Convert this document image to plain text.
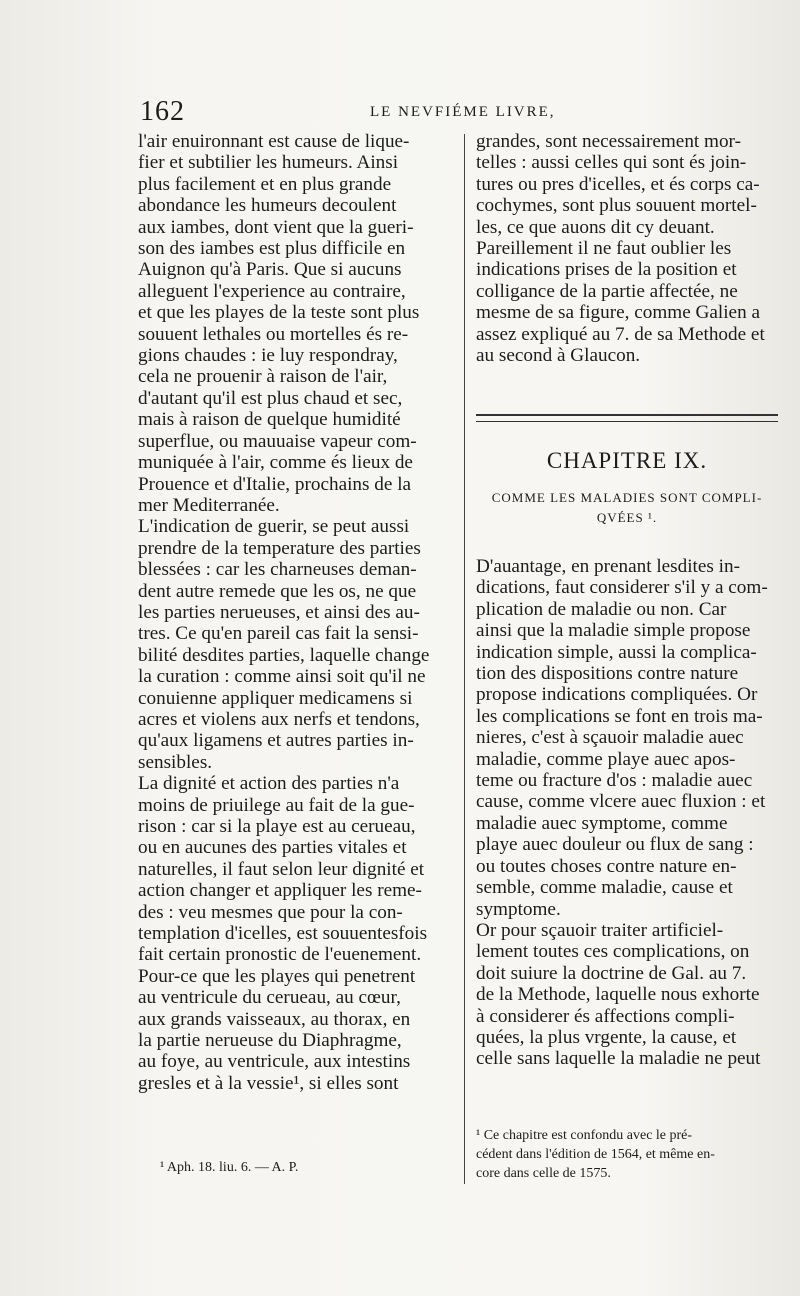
162	LE NEVFIÉME LIVRE,
l'air enuironnant est cause de lique-
fier et subtilier les humeurs. Ainsi
plus facilement et en plus grande
abondance les humeurs decoulent
aux iambes, dont vient que la gueri-
son des iambes est plus difficile en
Auignon qu'à Paris. Que si aucuns
alleguent l'experience au contraire,
et que les playes de la teste sont plus
souuent lethales ou mortelles és re-
gions chaudes : ie luy respondray,
cela ne prouenir à raison de l'air,
d'autant qu'il est plus chaud et sec,
mais à raison de quelque humidité
superflue, ou mauuaise vapeur com-
muniquée à l'air, comme és lieux de
Prouence et d'Italie, prochains de la
mer Mediterranée.
L'indication de guerir, se peut aussi
prendre de la temperature des parties
blessées : car les charneuses deman-
dent autre remede que les os, ne que
les parties nerueuses, et ainsi des au-
tres. Ce qu'en pareil cas fait la sensi-
bilité desdites parties, laquelle change
la curation : comme ainsi soit qu'il ne
conuienne appliquer medicamens si
acres et violens aux nerfs et tendons,
qu'aux ligamens et autres parties in-
sensibles.
La dignité et action des parties n'a
moins de priuilege au fait de la gue-
rison : car si la playe est au cerueau,
ou en aucunes des parties vitales et
naturelles, il faut selon leur dignité et
action changer et appliquer les reme-
des : veu mesmes que pour la con-
templation d'icelles, est souuentesfois
fait certain pronostic de l'euenement.
Pour-ce que les playes qui penetrent
au ventricule du cerueau, au cœur,
aux grands vaisseaux, au thorax, en
la partie nerueuse du Diaphragme,
au foye, au ventricule, aux intestins
gresles et à la vessie¹, si elles sont
grandes, sont necessairement mor-
telles : aussi celles qui sont és join-
tures ou pres d'icelles, et és corps ca-
cochymes, sont plus souuent mortel-
les, ce que auons dit cy deuant.
Pareillement il ne faut oublier les
indications prises de la position et
colligance de la partie affectée, ne
mesme de sa figure, comme Galien a
assez expliqué au 7. de sa Methode et
au second à Glaucon.
CHAPITRE IX.
COMME LES MALADIES SONT COMPLI-
QVÉES ¹.
D'auantage, en prenant lesdites in-
dications, faut considerer s'il y a com-
plication de maladie ou non. Car
ainsi que la maladie simple propose
indication simple, aussi la complica-
tion des dispositions contre nature
propose indications compliquées. Or
les complications se font en trois ma-
nieres, c'est à sçauoir maladie auec
maladie, comme playe auec apos-
teme ou fracture d'os : maladie auec
cause, comme vlcere auec fluxion : et
maladie auec symptome, comme
playe auec douleur ou flux de sang :
ou toutes choses contre nature en-
semble, comme maladie, cause et
symptome.
Or pour sçauoir traiter artificiel-
lement toutes ces complications, on
doit suiure la doctrine de Gal. au 7.
de la Methode, laquelle nous exhorte
à considerer és affections compli-
quées, la plus vrgente, la cause, et
celle sans laquelle la maladie ne peut
¹ Aph. 18. liu. 6. — A. P.
¹ Ce chapitre est confondu avec le pré-
cédent dans l'édition de 1564, et même en-
core dans celle de 1575.
